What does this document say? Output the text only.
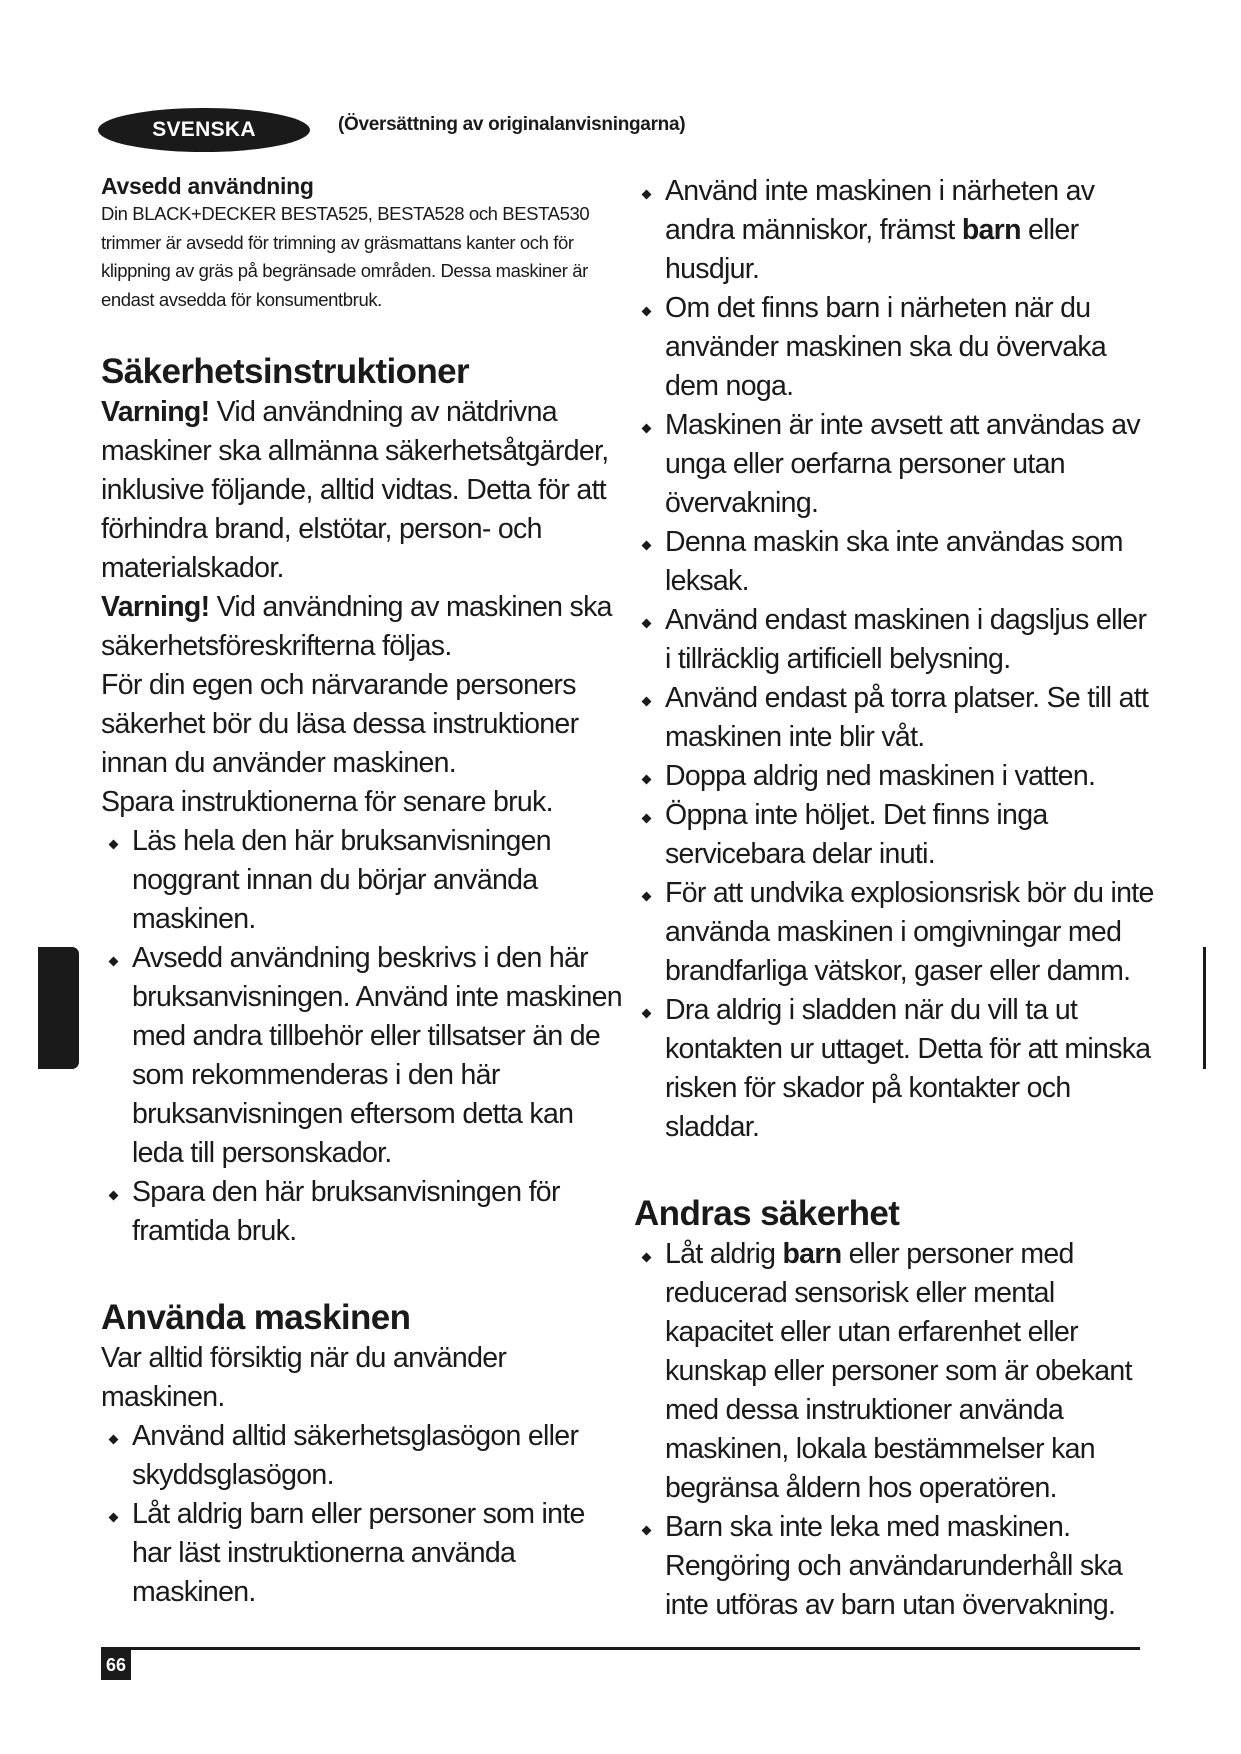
SVENSKA	(Översättning av originalanvisningarna)

Avsedd användning

Din BLACK+DECKER BESTA525, BESTA528 och BESTA530 trimmer är avsedd för trimning av gräsmattans kanter och för klippning av gräs på begränsade områden. Dessa maskiner är endast avsedda för konsumentbruk.

Säkerhetsinstruktioner

Varning! Vid användning av nätdrivna maskiner ska allmänna säkerhetsåtgärder, inklusive följande, alltid vidtas. Detta för att förhindra brand, elstötar, person- och materialskador.

Varning! Vid användning av maskinen ska säkerhetsföreskrifterna följas.

För din egen och närvarande personers säkerhet bör du läsa dessa instruktioner innan du använder maskinen.

Spara instruktionerna för senare bruk.

Läs hela den här bruksanvisningen noggrant innan du börjar använda maskinen.
Avsedd användning beskrivs i den här bruksanvisningen. Använd inte maskinen med andra tillbehör eller tillsatser än de som rekommenderas i den här bruksanvisningen eftersom detta kan leda till personskador.
Spara den här bruksanvisningen för framtida bruk.
Använda maskinen

Var alltid försiktig när du använder maskinen.

Använd alltid säkerhetsglasögon eller skyddsglasögon.
Låt aldrig barn eller personer som inte har läst instruktionerna använda maskinen.
Använd inte maskinen i närheten av andra människor, främst barn eller husdjur.
Om det finns barn i närheten när du använder maskinen ska du övervaka dem noga.
Maskinen är inte avsett att användas av unga eller oerfarna personer utan övervakning.
Denna maskin ska inte användas som leksak.
Använd endast maskinen i dagsljus eller i tillräcklig artificiell belysning.
Använd endast på torra platser. Se till att maskinen inte blir våt.
Doppa aldrig ned maskinen i vatten.
Öppna inte höljet. Det finns inga servicebara delar inuti.
För att undvika explosionsrisk bör du inte använda maskinen i omgivningar med brandfarliga vätskor, gaser eller damm.
Dra aldrig i sladden när du vill ta ut kontakten ur uttaget. Detta för att minska risken för skador på kontakter och sladdar.
Andras säkerhet
Låt aldrig barn eller personer med reducerad sensorisk eller mental kapacitet eller utan erfarenhet eller kunskap eller personer som är obekant med dessa instruktioner använda maskinen, lokala bestämmelser kan begränsa åldern hos operatören.
Barn ska inte leka med maskinen. Rengöring och användarunderhåll ska inte utföras av barn utan övervakning.
66
